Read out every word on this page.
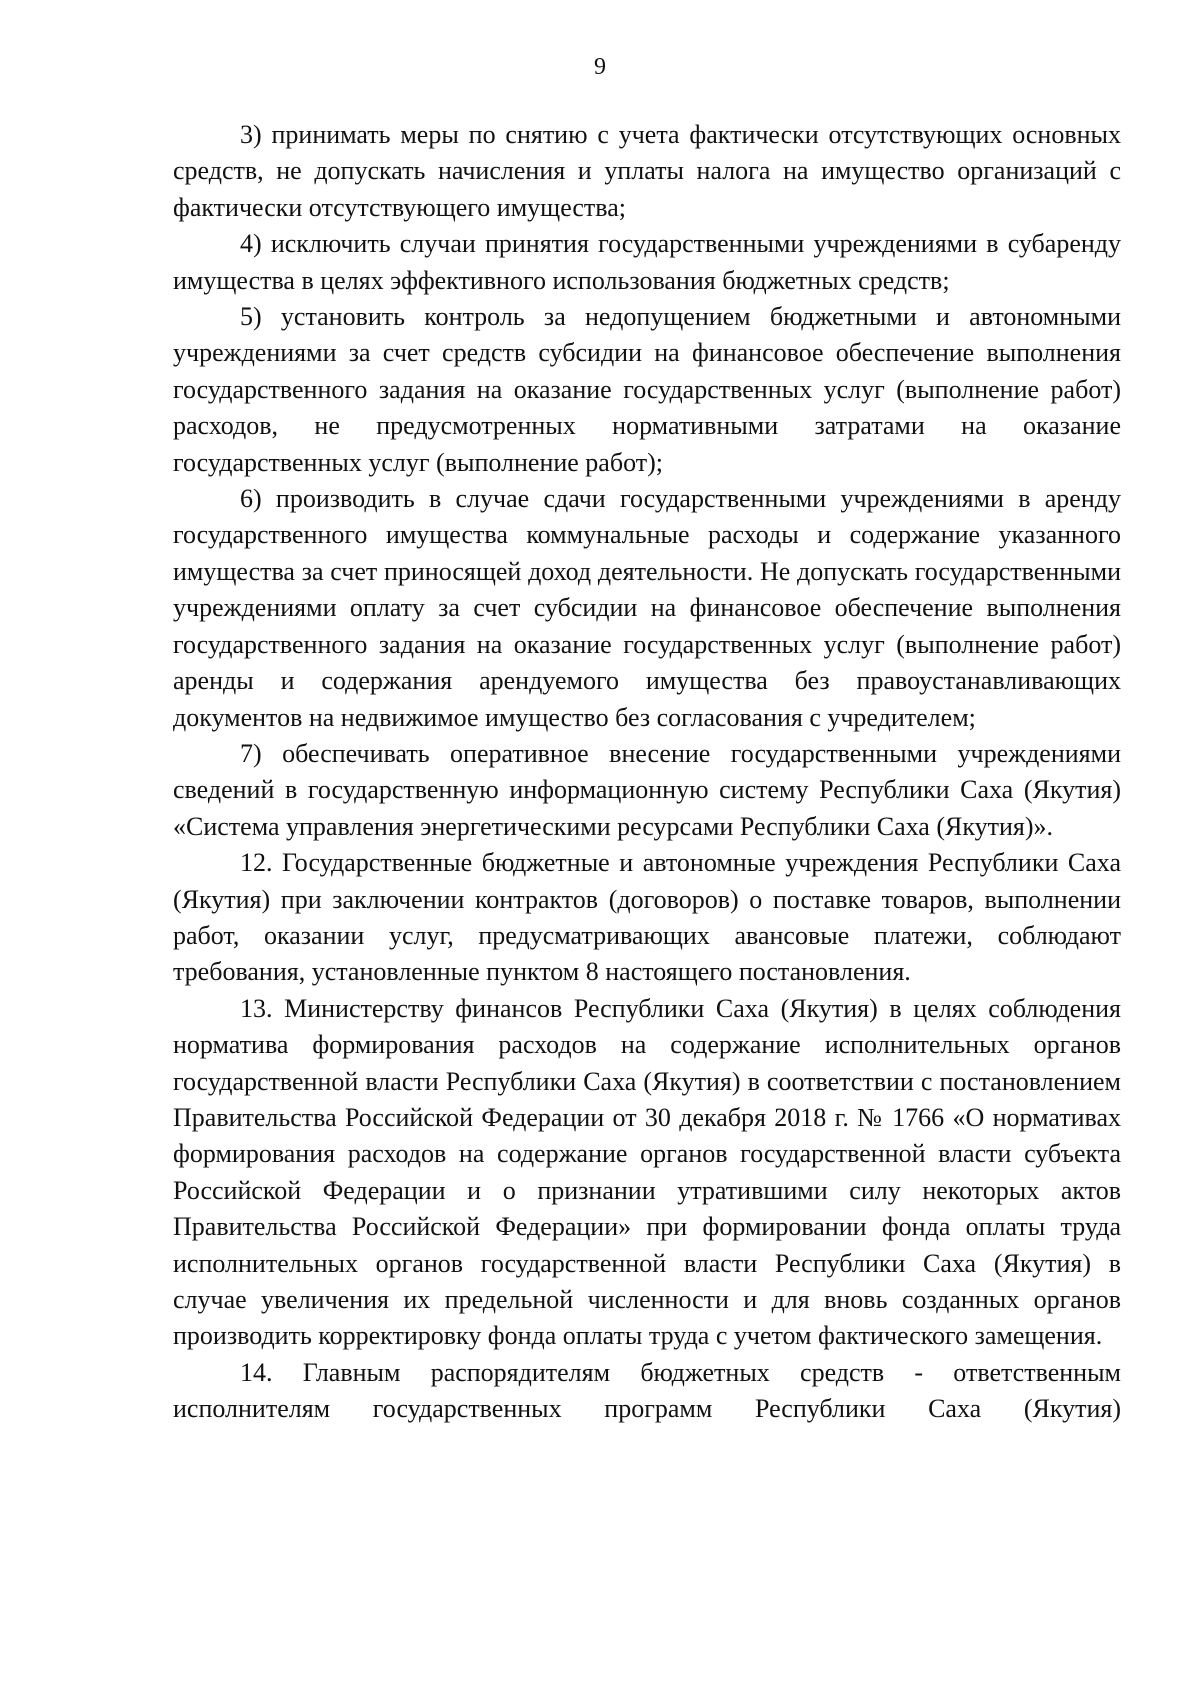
9

3) принимать меры по снятию с учета фактически отсутствующих основных средств, не допускать начисления и уплаты налога на имущество организаций с фактически отсутствующего имущества;

4) исключить случаи принятия государственными учреждениями в субаренду имущества в целях эффективного использования бюджетных средств;

5) установить контроль за недопущением бюджетными и автономными учреждениями за счет средств субсидии на финансовое обеспечение выполнения государственного задания на оказание государственных услуг (выполнение работ) расходов, не предусмотренных нормативными затратами на оказание государственных услуг (выполнение работ);

6) производить в случае сдачи государственными учреждениями в аренду государственного имущества коммунальные расходы и содержание указанного имущества за счет приносящей доход деятельности. Не допускать государственными учреждениями оплату за счет субсидии на финансовое обеспечение выполнения государственного задания на оказание государственных услуг (выполнение работ) аренды и содержания арендуемого имущества без правоустанавливающих документов на недвижимое имущество без согласования с учредителем;

7) обеспечивать оперативное внесение государственными учреждениями сведений в государственную информационную систему Республики Саха (Якутия) «Система управления энергетическими ресурсами Республики Саха (Якутия)».

12. Государственные бюджетные и автономные учреждения Республики Саха (Якутия) при заключении контрактов (договоров) о поставке товаров, выполнении работ, оказании услуг, предусматривающих авансовые платежи, соблюдают требования, установленные пунктом 8 настоящего постановления.

13. Министерству финансов Республики Саха (Якутия) в целях соблюдения норматива формирования расходов на содержание исполнительных органов государственной власти Республики Саха (Якутия) в соответствии с постановлением Правительства Российской Федерации от 30 декабря 2018 г. № 1766 «О нормативах формирования расходов на содержание органов государственной власти субъекта Российской Федерации и о признании утратившими силу некоторых актов Правительства Российской Федерации» при формировании фонда оплаты труда исполнительных органов государственной власти Республики Саха (Якутия) в случае увеличения их предельной численности и для вновь созданных органов производить корректировку фонда оплаты труда с учетом фактического замещения.

14. Главным распорядителям бюджетных средств - ответственным исполнителям государственных программ Республики Саха (Якутия)
